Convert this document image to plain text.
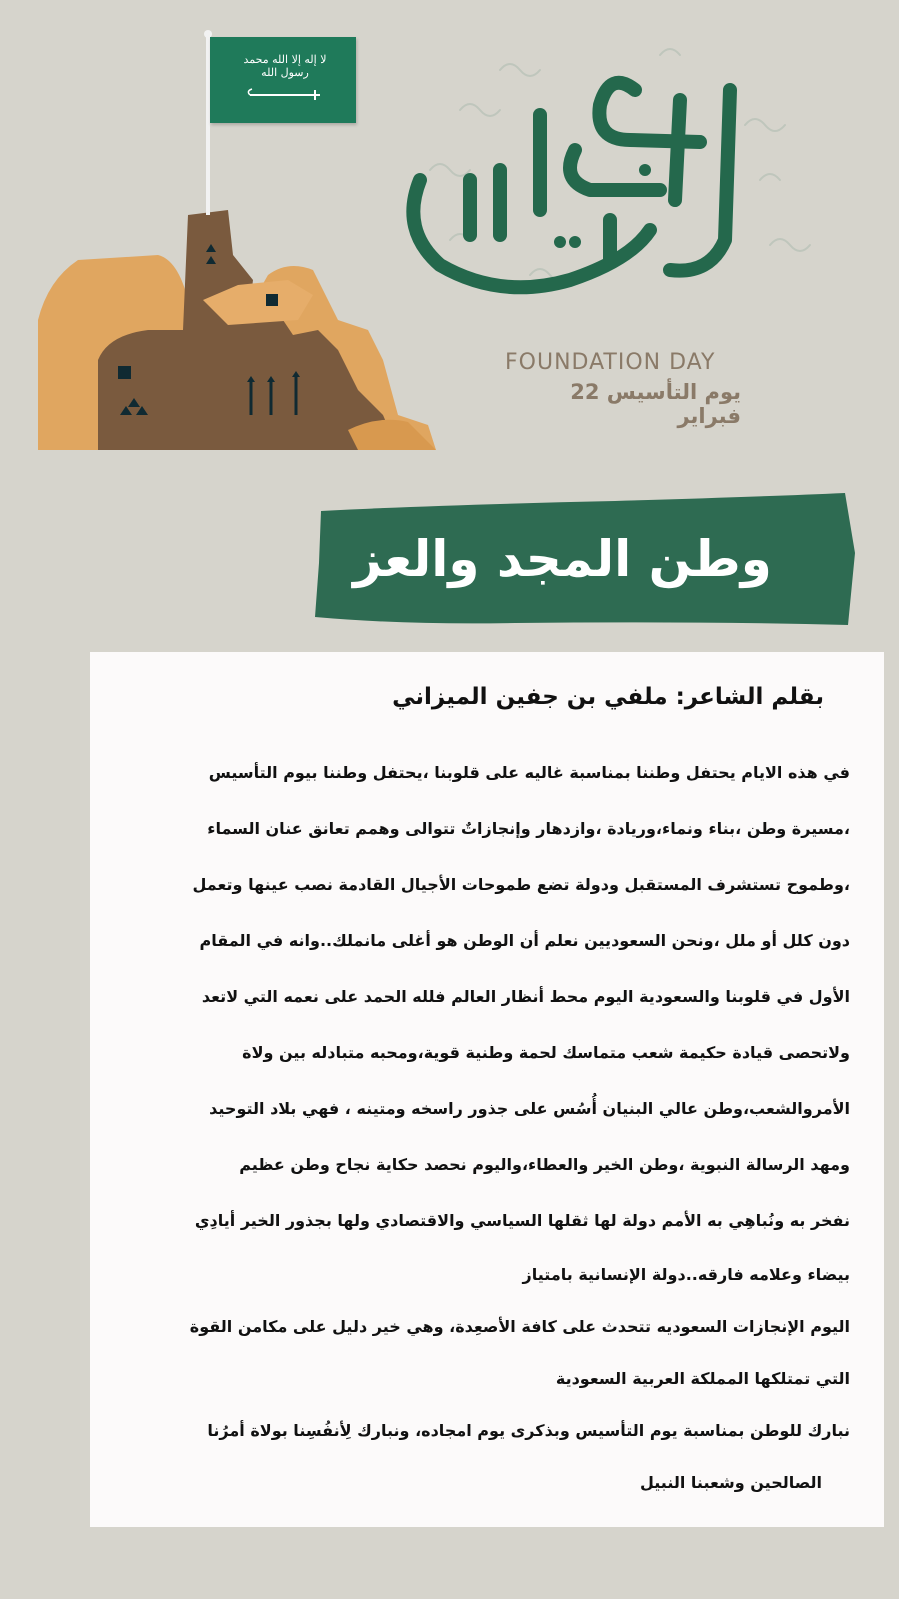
لا إله إلا الله محمد رسول الله
FOUNDATION DAY
يوم التأسيس 22 فبراير
وطن المجد والعز
بقلم الشاعر: ملفي بن جفين الميزاني

في هذه الايام يحتفل وطننا بمناسبة غاليه على قلوبنا ،يحتفل وطننا بيوم التأسيس

،مسيرة وطن ،بناء ونماء،وريادة ،وازدهار وإنجازاتٌ تتوالى وهمم تعانق عنان السماء

،وطموح تستشرف المستقبل ودولة تضع طموحات الأجيال القادمة نصب عينها وتعمل

دون كلل أو ملل ،ونحن السعوديين نعلم أن الوطن هو أغلى مانملك..وانه في المقام

الأول في قلوبنا والسعودية اليوم محط أنظار العالم فلله الحمد على نعمه التي لاتعد

ولاتحصى قيادة حكيمة شعب متماسك لحمة وطنية قوية،ومحبه متبادله بين ولاة

الأمروالشعب،وطن عالي البنيان أُسُس على جذور راسخه ومتينه ، فهي بلاد التوحيد

ومهد الرسالة النبوية ،وطن الخير والعطاء،واليوم نحصد حكاية نجاح وطن عظيم

نفخر به ونُباهِي به الأمم دولة لها ثقلها السياسي والاقتصادي ولها بجذور الخير أيادِي

بيضاء وعلامه فارقه..دولة الإنسانية بامتياز

اليوم الإنجازات السعوديه تتحدث على كافة الأصعِدة، وهي خير دليل على مكامن القوة

التي تمتلكها المملكة العربية السعودية

نبارك للوطن بمناسبة يوم التأسيس وبذكرى يوم امجاده، ونبارك لِأنفُسِنا بولاة أمرُنا

الصالحين وشعبنا النبيل
